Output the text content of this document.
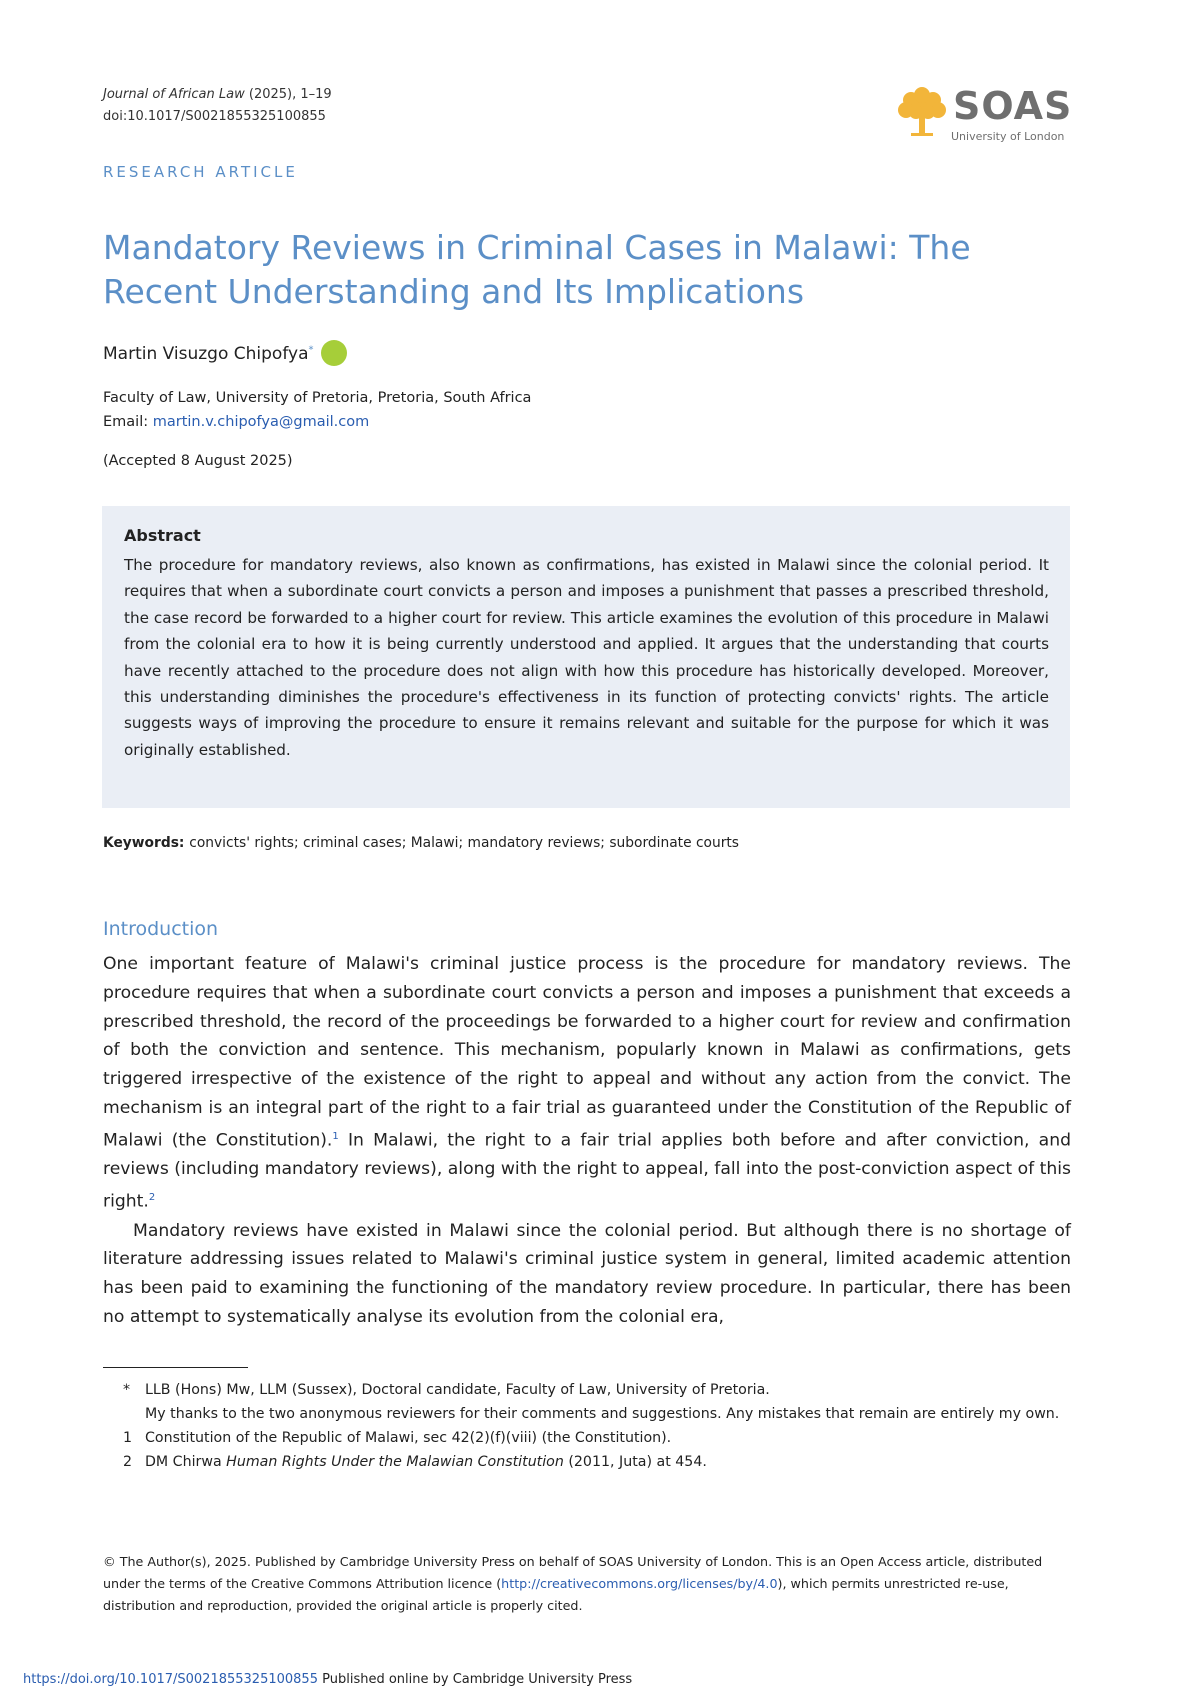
Journal of African Law (2025), 1–19
doi:10.1017/S0021855325100855	SOAS
University of London
RESEARCH ARTICLE
Mandatory Reviews in Criminal Cases in Malawi: The Recent Understanding and Its Implications
Martin Visuzgo Chipofya*
Faculty of Law, University of Pretoria, Pretoria, South Africa
Email: martin.v.chipofya@gmail.com
(Accepted 8 August 2025)
Abstract
The procedure for mandatory reviews, also known as confirmations, has existed in Malawi since the colonial period. It requires that when a subordinate court convicts a person and imposes a punishment that passes a prescribed threshold, the case record be forwarded to a higher court for review. This article examines the evolution of this procedure in Malawi from the colonial era to how it is being currently understood and applied. It argues that the understanding that courts have recently attached to the procedure does not align with how this procedure has historically developed. Moreover, this understanding diminishes the procedure's effectiveness in its function of protecting convicts' rights. The article suggests ways of improving the procedure to ensure it remains relevant and suitable for the purpose for which it was originally established.
Keywords: convicts' rights; criminal cases; Malawi; mandatory reviews; subordinate courts
Introduction

One important feature of Malawi's criminal justice process is the procedure for mandatory reviews. The procedure requires that when a subordinate court convicts a person and imposes a punishment that exceeds a prescribed threshold, the record of the proceedings be forwarded to a higher court for review and confirmation of both the conviction and sentence. This mechanism, popularly known in Malawi as confirmations, gets triggered irrespective of the existence of the right to appeal and without any action from the convict. The mechanism is an integral part of the right to a fair trial as guaranteed under the Constitution of the Republic of Malawi (the Constitution).$^1$ In Malawi, the right to a fair trial applies both before and after conviction, and reviews (including mandatory reviews), along with the right to appeal, fall into the post-conviction aspect of this right.$^2$

Mandatory reviews have existed in Malawi since the colonial period. But although there is no shortage of literature addressing issues related to Malawi's criminal justice system in general, limited academic attention has been paid to examining the functioning of the mandatory review procedure. In particular, there has been no attempt to systematically analyse its evolution from the colonial era,

*	LLB (Hons) Mw, LLM (Sussex), Doctoral candidate, Faculty of Law, University of Pretoria.
My thanks to the two anonymous reviewers for their comments and suggestions. Any mistakes that remain are entirely my own.
1 Constitution of the Republic of Malawi, sec 42(2)(f)(viii) (the Constitution).
2 DM Chirwa Human Rights Under the Malawian Constitution (2011, Juta) at 454.
© The Author(s), 2025. Published by Cambridge University Press on behalf of SOAS University of London. This is an Open Access article, distributed under the terms of the Creative Commons Attribution licence (http://creativecommons.org/licenses/by/4.0), which permits unrestricted re-use, distribution and reproduction, provided the original article is properly cited.
https://doi.org/10.1017/S0021855325100855 Published online by Cambridge University Press
